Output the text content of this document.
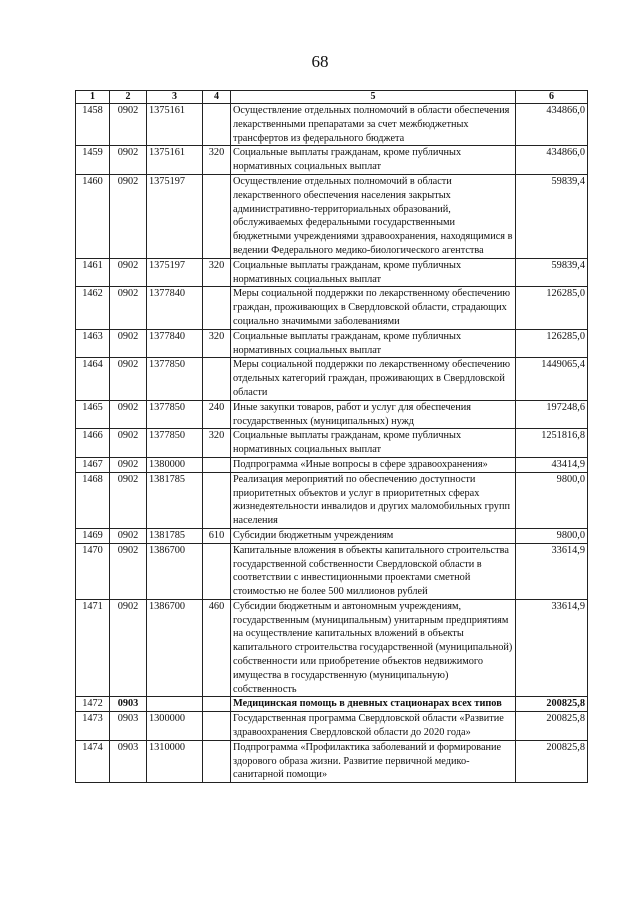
68
1	2	3	4	5	6
1458	0902	1375161		Осуществление отдельных полномочий в области обеспечения лекарственными препаратами за счет межбюджетных трансфертов из федерального бюджета	434866,0
1459	0902	1375161	320	Социальные выплаты гражданам, кроме публичных нормативных социальных выплат	434866,0
1460	0902	1375197		Осуществление отдельных полномочий в области лекарственного обеспечения населения закрытых административно-территориальных образований, обслуживаемых федеральными государственными бюджетными учреждениями здравоохранения, находящимися в ведении Федерального медико-биологического агентства	59839,4
1461	0902	1375197	320	Социальные выплаты гражданам, кроме публичных нормативных социальных выплат	59839,4
1462	0902	1377840		Меры социальной поддержки по лекарственному обеспечению граждан, проживающих в Свердловской области, страдающих социально значимыми заболеваниями	126285,0
1463	0902	1377840	320	Социальные выплаты гражданам, кроме публичных нормативных социальных выплат	126285,0
1464	0902	1377850		Меры социальной поддержки по лекарственному обеспечению отдельных категорий граждан, проживающих в Свердловской области	1449065,4
1465	0902	1377850	240	Иные закупки товаров, работ и услуг для обеспечения государственных (муниципальных) нужд	197248,6
1466	0902	1377850	320	Социальные выплаты гражданам, кроме публичных нормативных социальных выплат	1251816,8
1467	0902	1380000		Подпрограмма «Иные вопросы в сфере здравоохранения»	43414,9
1468	0902	1381785		Реализация мероприятий по обеспечению доступности приоритетных объектов и услуг в приоритетных сферах жизнедеятельности инвалидов и других маломобильных групп населения	9800,0
1469	0902	1381785	610	Субсидии бюджетным учреждениям	9800,0
1470	0902	1386700		Капитальные вложения в объекты капитального строительства государственной собственности Свердловской области в соответствии с инвестиционными проектами сметной стоимостью не более 500 миллионов рублей	33614,9
1471	0902	1386700	460	Субсидии бюджетным и автономным учреждениям, государственным (муниципальным) унитарным предприятиям на осуществление капитальных вложений в объекты капитального строительства государственной (муниципальной) собственности или приобретение объектов недвижимого имущества в государственную (муниципальную) собственность	33614,9
1472	0903			Медицинская помощь в дневных стационарах всех типов	200825,8
1473	0903	1300000		Государственная программа Свердловской области «Развитие здравоохранения Свердловской области до 2020 года»	200825,8
1474	0903	1310000		Подпрограмма «Профилактика заболеваний и формирование здорового образа жизни. Развитие первичной медико-санитарной помощи»	200825,8
